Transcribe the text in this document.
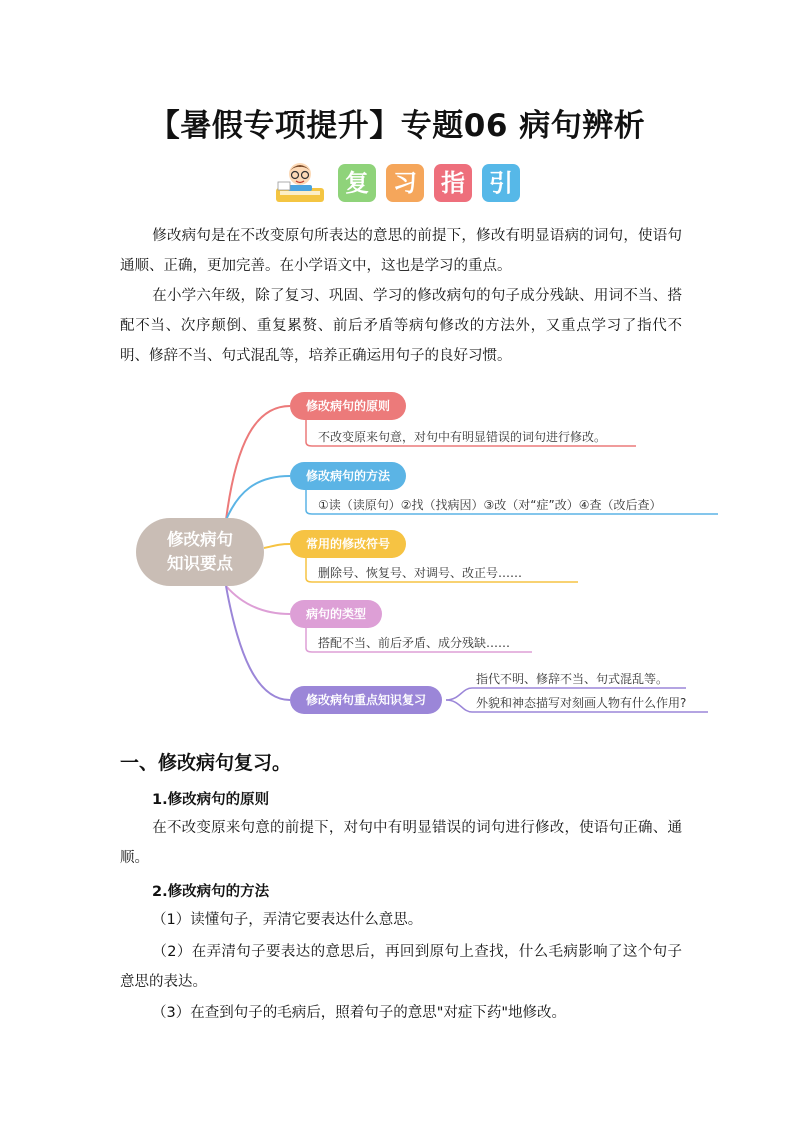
【暑假专项提升】专题06 病句辨析
复 习 指 引

修改病句是在不改变原句所表达的意思的前提下，修改有明显语病的词句，使语句通顺、正确，更加完善。在小学语文中，这也是学习的重点。

在小学六年级，除了复习、巩固、学习的修改病句的句子成分残缺、用词不当、搭配不当、次序颠倒、重复累赘、前后矛盾等病句修改的方法外，又重点学习了指代不明、修辞不当、句式混乱等，培养正确运用句子的良好习惯。

修改病句
知识要点
修改病句的原则
不改变原来句意，对句中有明显错误的词句进行修改。
修改病句的方法
①读（读原句）②找（找病因）③改（对“症”改）④查（改后查）
常用的修改符号
删除号、恢复号、对调号、改正号……
病句的类型
搭配不当、前后矛盾、成分残缺……
修改病句重点知识复习
指代不明、修辞不当、句式混乱等。
外貌和神态描写对刻画人物有什么作用?
一、修改病句复习。
1.修改病句的原则

在不改变原来句意的前提下，对句中有明显错误的词句进行修改，使语句正确、通顺。

2.修改病句的方法

（1）读懂句子，弄清它要表达什么意思。

（2）在弄清句子要表达的意思后，再回到原句上查找，什么毛病影响了这个句子意思的表达。

（3）在查到句子的毛病后，照着句子的意思"对症下药"地修改。
